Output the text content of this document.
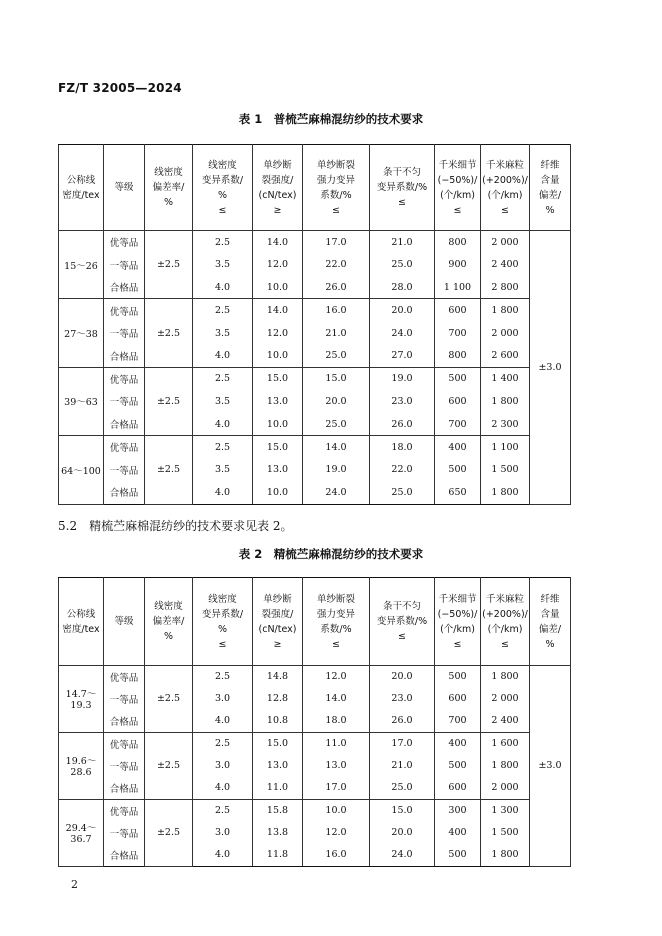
FZ/T 32005—2024
表 1　普梳苎麻棉混纺纱的技术要求
公称线
密度/tex	等级	线密度
偏差率/
%	线密度
变异系数/
%
≤	单纱断
裂强度/
(cN/tex)
≥	单纱断裂
强力变异
系数/%
≤	条干不匀
变异系数/%
≤	千米细节
(−50%)/
(个/km)
≤	千米麻粒
(+200%)/
(个/km)
≤	纤维
含量
偏差/
%

15～26	优等品	±2.5	2.5	14.0	17.0	21.0	800	2 000	±3.0
	一等品		3.5	12.0	22.0	25.0	900	2 400	
	合格品		4.0	10.0	26.0	28.0	1 100	2 800	
27～38	优等品	±2.5	2.5	14.0	16.0	20.0	600	1 800	
	一等品		3.5	12.0	21.0	24.0	700	2 000	
	合格品		4.0	10.0	25.0	27.0	800	2 600	
39～63	优等品	±2.5	2.5	15.0	15.0	19.0	500	1 400	
	一等品		3.5	13.0	20.0	23.0	600	1 800	
	合格品		4.0	10.0	25.0	26.0	700	2 300	
64～100	优等品	±2.5	2.5	15.0	14.0	18.0	400	1 100	
	一等品		3.5	13.0	19.0	22.0	500	1 500	
	合格品		4.0	10.0	24.0	25.0	650	1 800	
5.2　精梳苎麻棉混纺纱的技术要求见表 2。
表 2　精梳苎麻棉混纺纱的技术要求
公称线
密度/tex	等级	线密度
偏差率/
%	线密度
变异系数/
%
≤	单纱断
裂强度/
(cN/tex)
≥	单纱断裂
强力变异
系数/%
≤	条干不匀
变异系数/%
≤	千米细节
(−50%)/
(个/km)
≤	千米麻粒
(+200%)/
(个/km)
≤	纤维
含量
偏差/
%

14.7～
19.3	优等品	±2.5	2.5	14.8	12.0	20.0	500	1 800	±3.0
	一等品		3.0	12.8	14.0	23.0	600	2 000	
	合格品		4.0	10.8	18.0	26.0	700	2 400	

19.6～
28.6	优等品	±2.5	2.5	15.0	11.0	17.0	400	1 600	
	一等品		3.0	13.0	13.0	21.0	500	1 800	
	合格品		4.0	11.0	17.0	25.0	600	2 000	

29.4～
36.7	优等品	±2.5	2.5	15.8	10.0	15.0	300	1 300	
	一等品		3.0	13.8	12.0	20.0	400	1 500	
	合格品		4.0	11.8	16.0	24.0	500	1 800	
2
